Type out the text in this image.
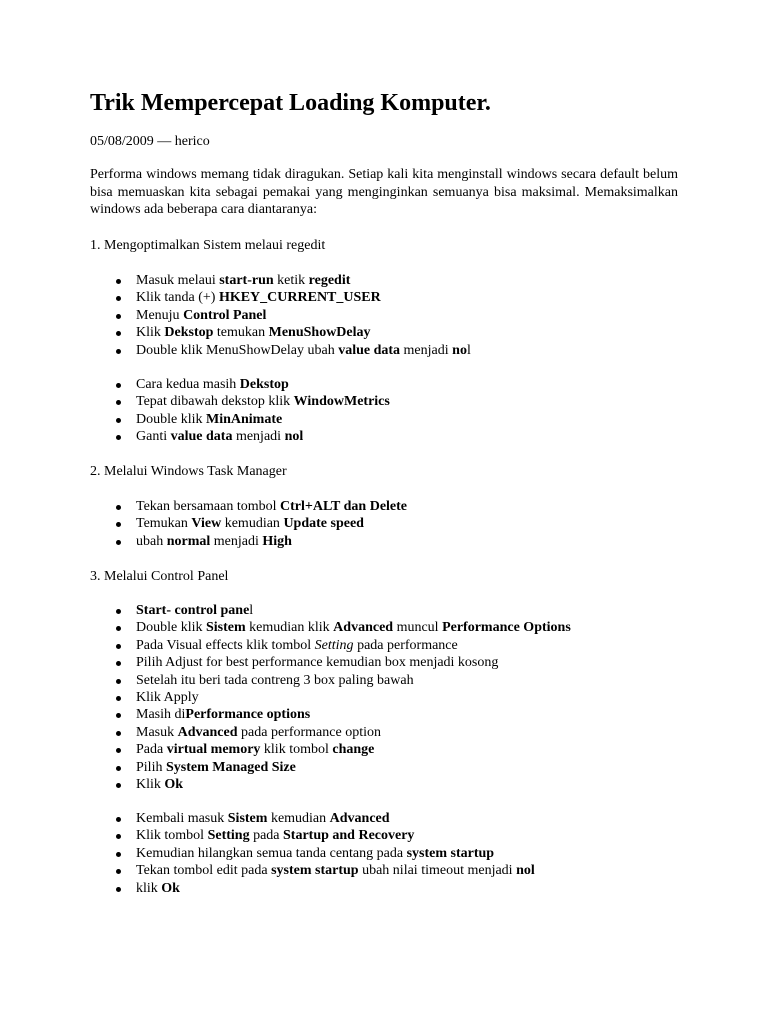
Trik Mempercepat Loading Komputer.
05/08/2009 — herico

Performa windows memang tidak diragukan. Setiap kali kita menginstall windows secara default belum bisa memuaskan kita sebagai pemakai yang menginginkan semuanya bisa maksimal. Memaksimalkan windows ada beberapa cara diantaranya:

1. Mengoptimalkan Sistem melaui regedit
Masuk melaui start-run ketik regedit
Klik tanda (+) HKEY_CURRENT_USER
Menuju Control Panel
Klik Dekstop temukan MenuShowDelay
Double klik MenuShowDelay ubah value data menjadi nol
Cara kedua masih Dekstop
Tepat dibawah dekstop klik WindowMetrics
Double klik MinAnimate
Ganti value data menjadi nol
2. Melalui Windows Task Manager
Tekan bersamaan tombol Ctrl+ALT dan Delete
Temukan View kemudian Update speed
ubah normal menjadi High
3. Melalui Control Panel
Start- control panel
Double klik Sistem kemudian klik Advanced muncul Performance Options
Pada Visual effects klik tombol Setting pada performance
Pilih Adjust for best performance kemudian box menjadi kosong
Setelah itu beri tada contreng 3 box paling bawah
Klik Apply
Masih diPerformance options
Masuk Advanced pada performance option
Pada virtual memory klik tombol change
Pilih System Managed Size
Klik Ok
Kembali masuk Sistem kemudian Advanced
Klik tombol Setting pada Startup and Recovery
Kemudian hilangkan semua tanda centang pada system startup
Tekan tombol edit pada system startup ubah nilai timeout menjadi nol
klik Ok
